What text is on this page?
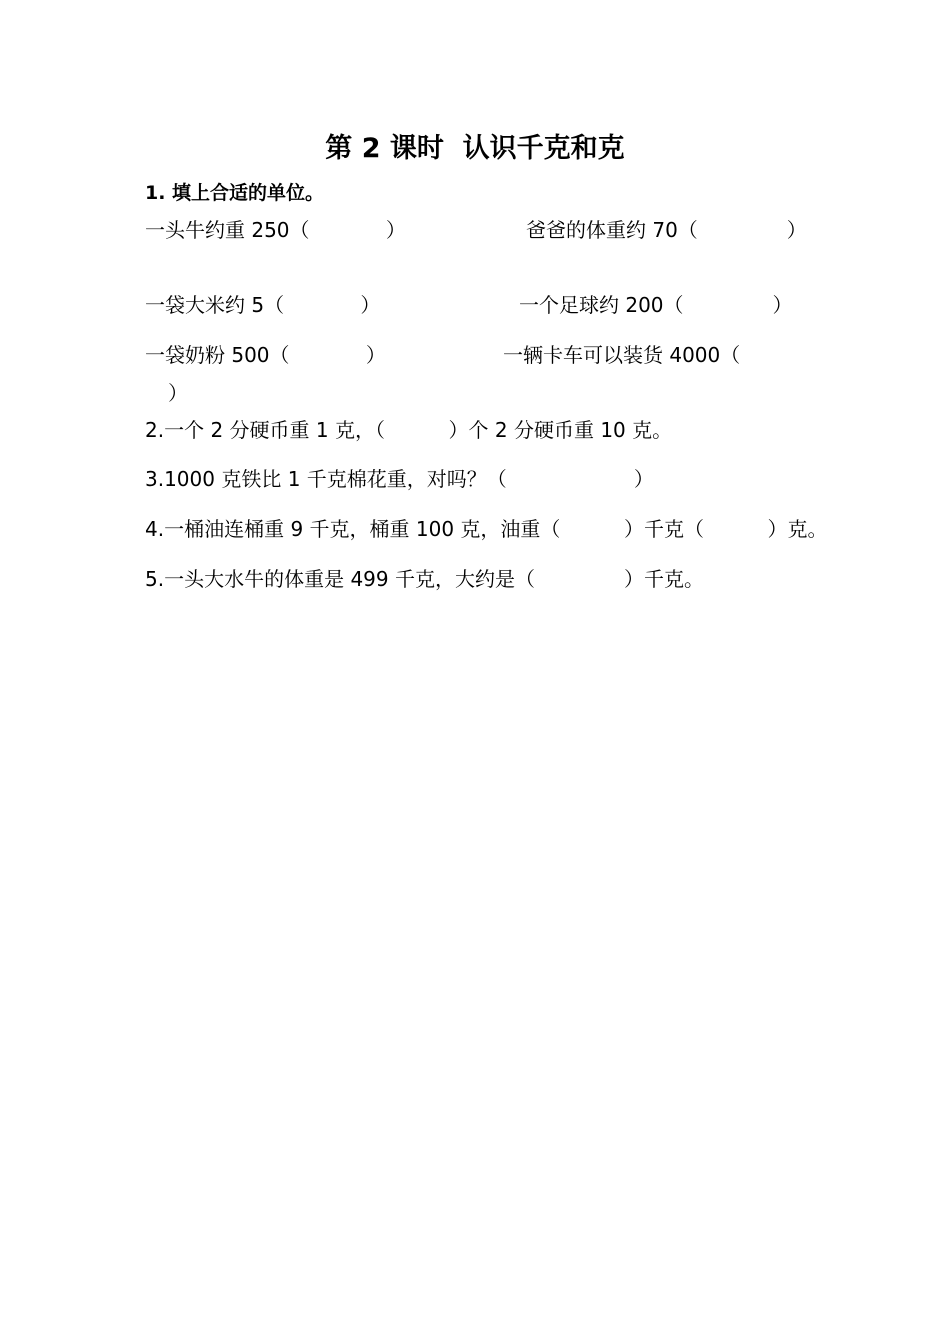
第 2 课时  认识千克和克
1. 填上合适的单位。
一头牛约重 250（            ）	爸爸的体重约 70（              ）
一袋大米约 5（            ）	一个足球约 200（              ）
一袋奶粉 500（            ）	一辆卡车可以装货 4000（
）
2.一个 2 分硬币重 1 克，（          ）个 2 分硬币重 10 克。
3.1000 克铁比 1 千克棉花重，对吗？（                    ）
4.一桶油连桶重 9 千克，桶重 100 克，油重（          ）千克（          ）克。
5.一头大水牛的体重是 499 千克，大约是（              ）千克。
